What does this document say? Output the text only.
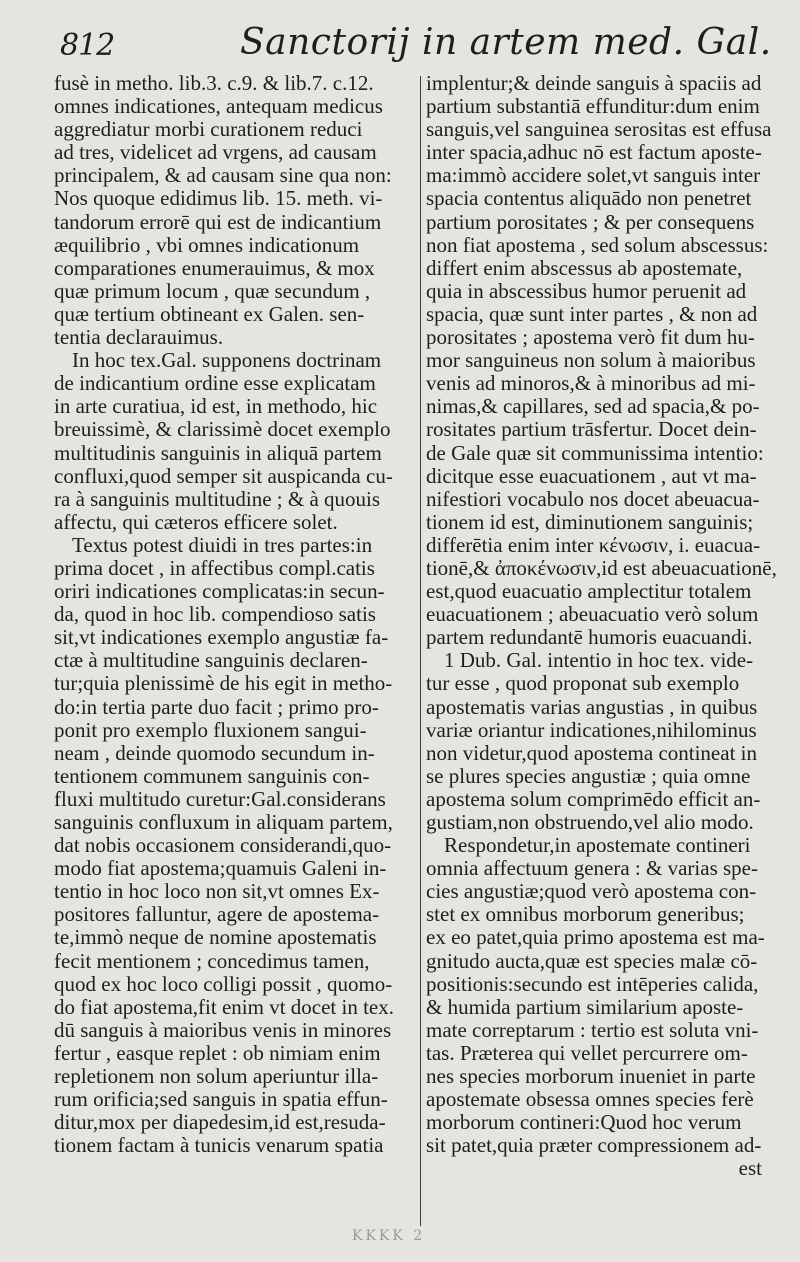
812	Sanctorij in artem med. Gal.
fusè in metho. lib.3. c.9. & lib.7. c.12.
omnes indicationes, antequam medicus
aggrediatur morbi curationem reduci
ad tres, videlicet ad vrgens, ad causam
principalem, & ad causam sine qua non:
Nos quoque edidimus lib. 15. meth. vi-
tandorum errorē qui est de indicantium
æquilibrio , vbi omnes indicationum
comparationes enumerauimus, & mox
quæ primum locum , quæ secundum ,
quæ tertium obtineant ex Galen. sen-
tentia declarauimus.
In hoc tex.Gal. supponens doctrinam
de indicantium ordine esse explicatam
in arte curatiua, id est, in methodo, hic
breuissimè, & clarissimè docet exemplo
multitudinis sanguinis in aliquā partem
confluxi,quod semper sit auspicanda cu-
ra à sanguinis multitudine ; & à quouis
affectu, qui cæteros efficere solet.
Textus potest diuidi in tres partes:in
prima docet , in affectibus compl.catis
oriri indicationes complicatas:in secun-
da, quod in hoc lib. compendioso satis
sit,vt indicationes exemplo angustiæ fa-
ctæ à multitudine sanguinis declaren-
tur;quia plenissimè de his egit in metho-
do:in tertia parte duo facit ; primo pro-
ponit pro exemplo fluxionem sangui-
neam , deinde quomodo secundum in-
tentionem communem sanguinis con-
fluxi multitudo curetur:Gal.considerans
sanguinis confluxum in aliquam partem,
dat nobis occasionem considerandi,quo-
modo fiat apostema;quamuis Galeni in-
tentio in hoc loco non sit,vt omnes Ex-
positores falluntur, agere de apostema-
te,immò neque de nomine apostematis
fecit mentionem ; concedimus tamen,
quod ex hoc loco colligi possit , quomo-
do fiat apostema,fit enim vt docet in tex.
dū sanguis à maioribus venis in minores
fertur , easque replet : ob nimiam enim
repletionem non solum aperiuntur illa-
rum orificia;sed sanguis in spatia effun-
ditur,mox per diapedesim,id est,resuda-
tionem factam à tunicis venarum spatia
implentur;& deinde sanguis à spaciis ad
partium substantiā effunditur:dum enim
sanguis,vel sanguinea serositas est effusa
inter spacia,adhuc nō est factum aposte-
ma:immò accidere solet,vt sanguis inter
spacia contentus aliquādo non penetret
partium porositates ; & per consequens
non fiat apostema , sed solum abscessus:
differt enim abscessus ab apostemate,
quia in abscessibus humor peruenit ad
spacia, quæ sunt inter partes , & non ad
porositates ; apostema verò fit dum hu-
mor sanguineus non solum à maioribus
venis ad minoros,& à minoribus ad mi-
nimas,& capillares, sed ad spacia,& po-
rositates partium trāsfertur. Docet dein-
de Gale quæ sit communissima intentio:
dicitque esse euacuationem , aut vt ma-
nifestiori vocabulo nos docet abeuacua-
tionem id est, diminutionem sanguinis;
differētia enim inter κένωσιν, i. euacua-
tionē,& ἀποκένωσιν,id est abeuacuationē,
est,quod euacuatio amplectitur totalem
euacuationem ; abeuacuatio verò solum
partem redundantē humoris euacuandi.
1 Dub. Gal. intentio in hoc tex. vide-
tur esse , quod proponat sub exemplo
apostematis varias angustias , in quibus
variæ oriantur indicationes,nihilominus
non videtur,quod apostema contineat in
se plures species angustiæ ; quia omne
apostema solum comprimēdo efficit an-
gustiam,non obstruendo,vel alio modo.
Respondetur,in apostemate contineri
omnia affectuum genera : & varias spe-
cies angustiæ;quod verò apostema con-
stet ex omnibus morborum generibus;
ex eo patet,quia primo apostema est ma-
gnitudo aucta,quæ est species malæ cō-
positionis:secundo est intēperies calida,
& humida partium similarium aposte-
mate correptarum : tertio est soluta vni-
tas. Præterea qui vellet percurrere om-
nes species morborum inueniet in parte
apostemate obsessa omnes species ferè
morborum contineri:Quod hoc verum
sit patet,quia præter compressionem ad-
est
KKKK 2
